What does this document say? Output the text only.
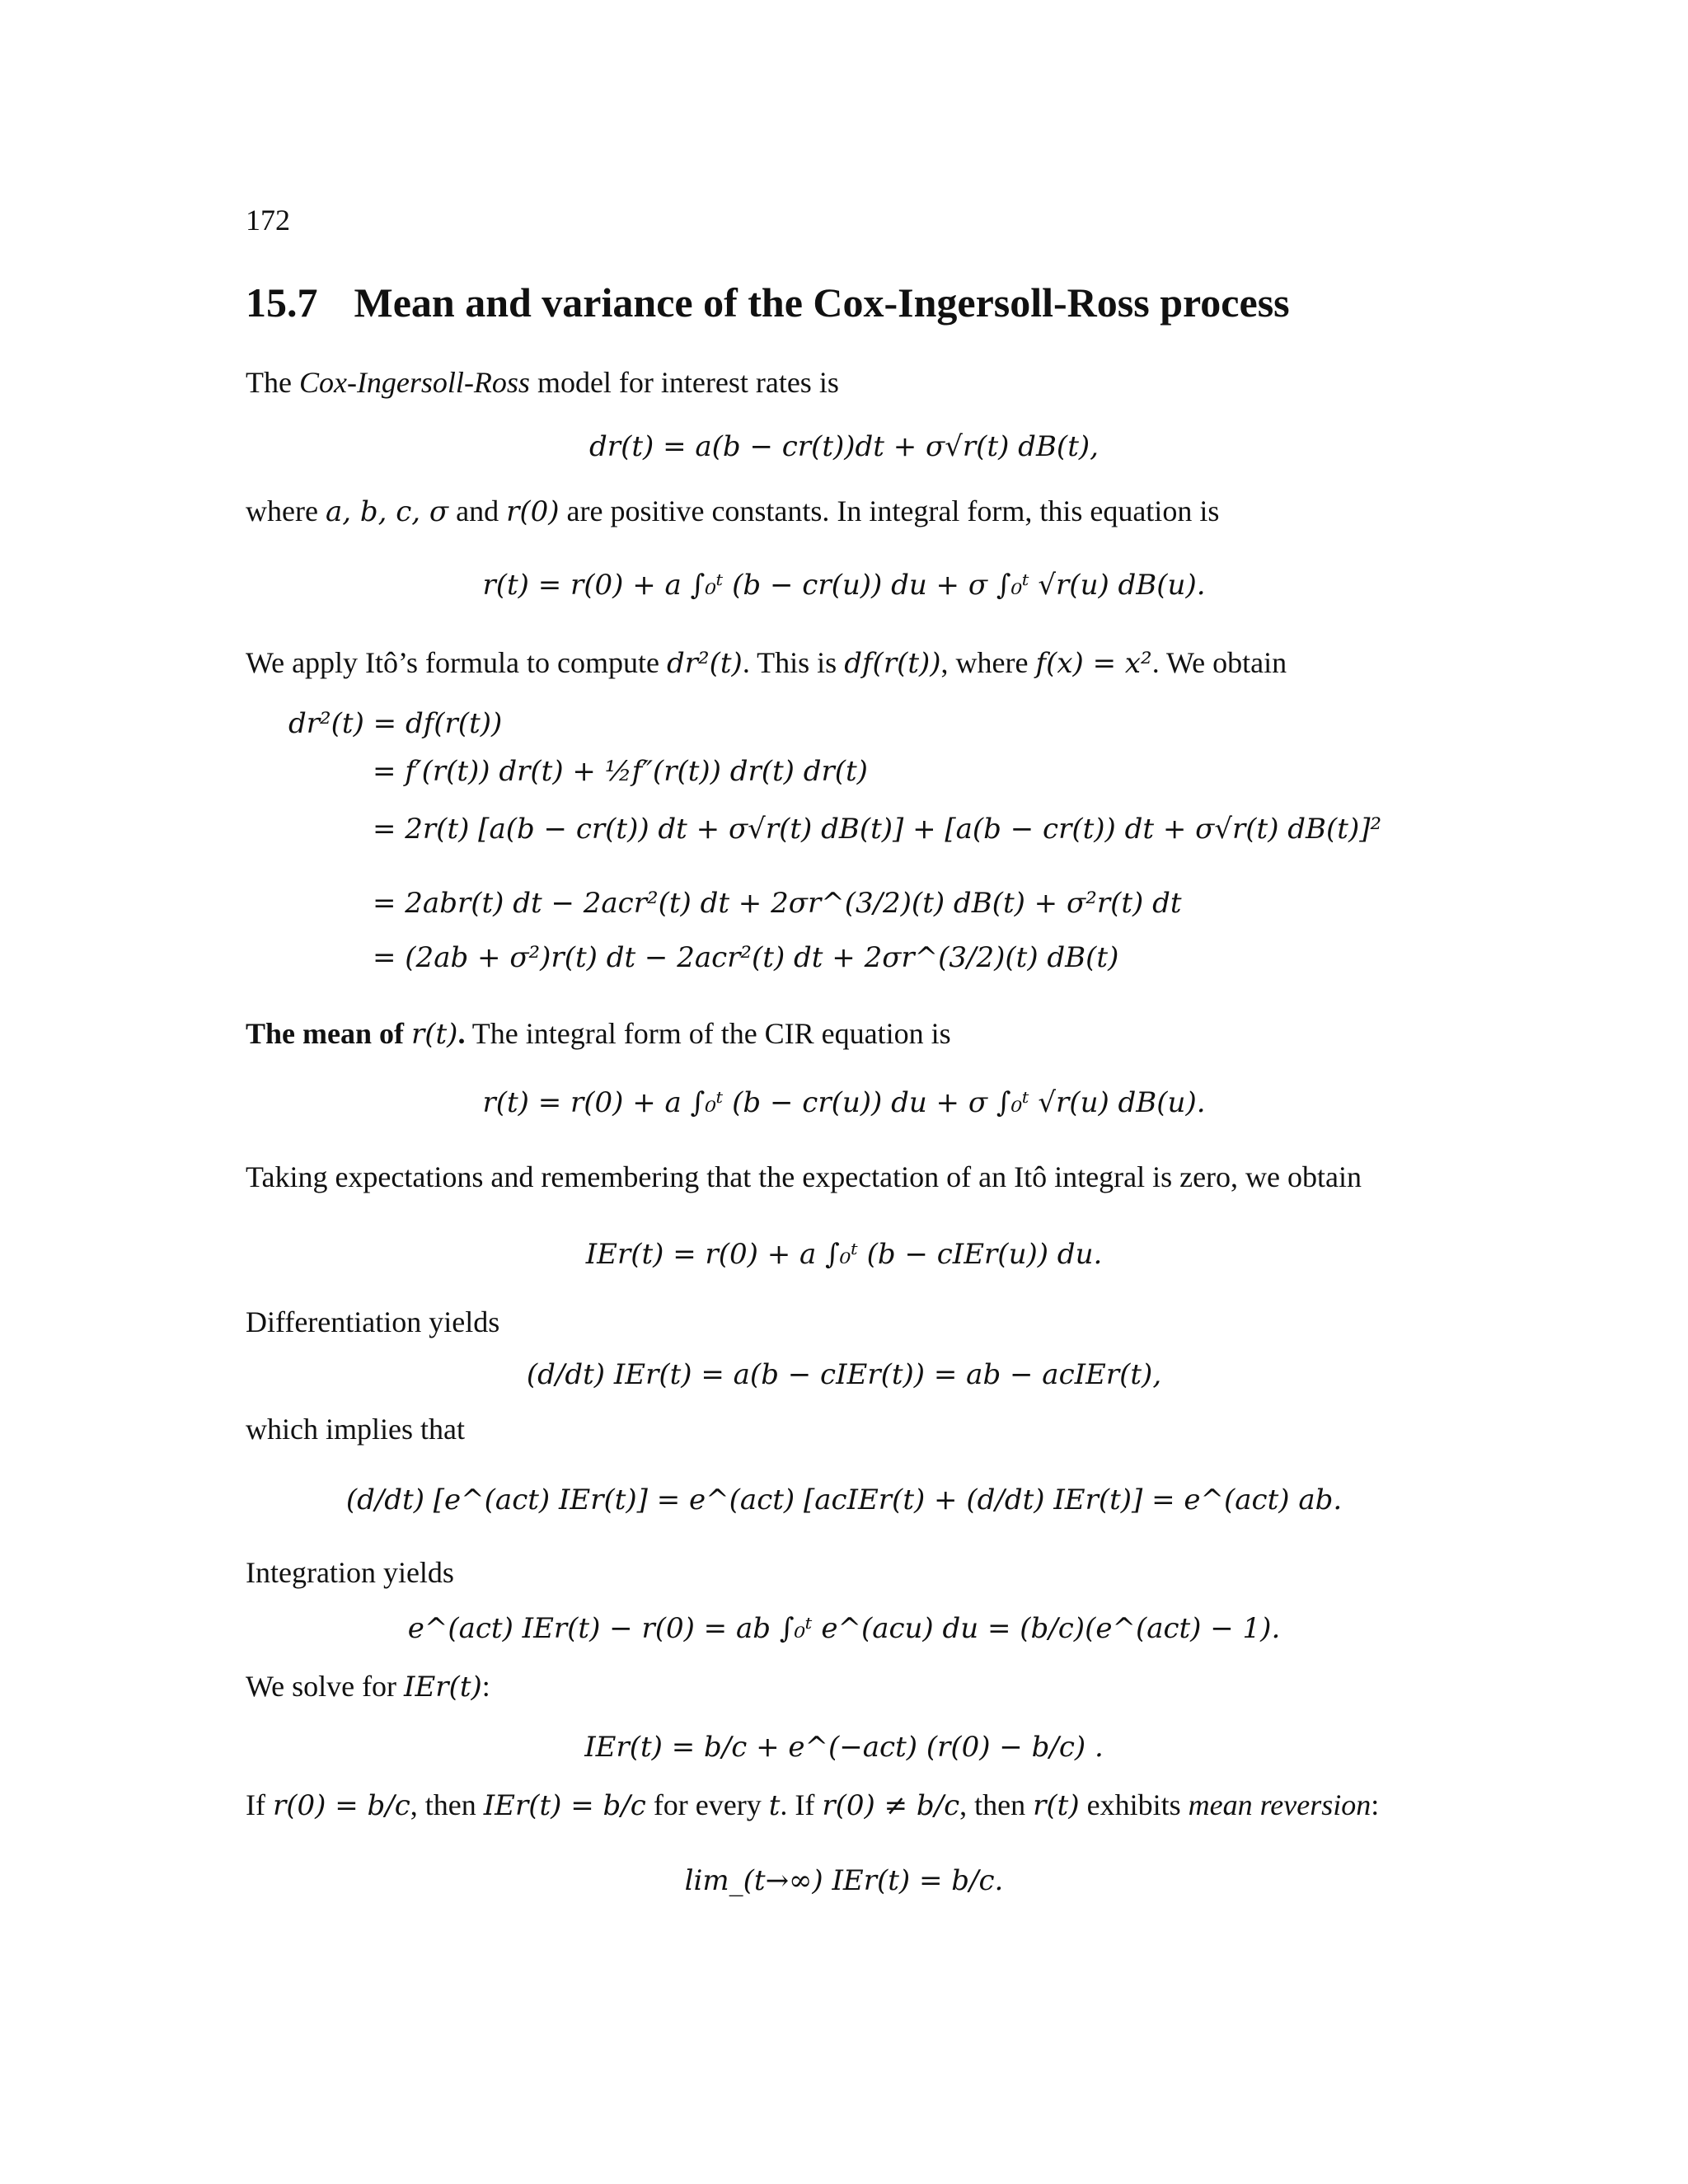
172
15.7 Mean and variance of the Cox-Ingersoll-Ross process
The Cox-Ingersoll-Ross model for interest rates is
dr(t) = a(b − cr(t))dt + σ√r(t) dB(t),
where a, b, c, σ and r(0) are positive constants. In integral form, this equation is
r(t) = r(0) + a ∫₀ᵗ (b − cr(u)) du + σ ∫₀ᵗ √r(u) dB(u).
We apply Itô’s formula to compute dr²(t). This is df(r(t)), where f(x) = x². We obtain
dr²(t) = df(r(t))
= f′(r(t)) dr(t) + ½f″(r(t)) dr(t) dr(t)
= 2r(t) [a(b − cr(t)) dt + σ√r(t) dB(t)] + [a(b − cr(t)) dt + σ√r(t) dB(t)]²
= 2abr(t) dt − 2acr²(t) dt + 2σr^(3/2)(t) dB(t) + σ²r(t) dt
= (2ab + σ²)r(t) dt − 2acr²(t) dt + 2σr^(3/2)(t) dB(t)
The mean of r(t). The integral form of the CIR equation is
r(t) = r(0) + a ∫₀ᵗ (b − cr(u)) du + σ ∫₀ᵗ √r(u) dB(u).
Taking expectations and remembering that the expectation of an Itô integral is zero, we obtain
IEr(t) = r(0) + a ∫₀ᵗ (b − cIEr(u)) du.
Differentiation yields
(d/dt) IEr(t) = a(b − cIEr(t)) = ab − acIEr(t),
which implies that
(d/dt) [e^(act) IEr(t)] = e^(act) [acIEr(t) + (d/dt) IEr(t)] = e^(act) ab.
Integration yields
e^(act) IEr(t) − r(0) = ab ∫₀ᵗ e^(acu) du = (b/c)(e^(act) − 1).
We solve for IEr(t):
IEr(t) = b/c + e^(−act) (r(0) − b/c) .
If r(0) = b/c, then IEr(t) = b/c for every t. If r(0) ≠ b/c, then r(t) exhibits mean reversion:
lim_(t→∞) IEr(t) = b/c.
